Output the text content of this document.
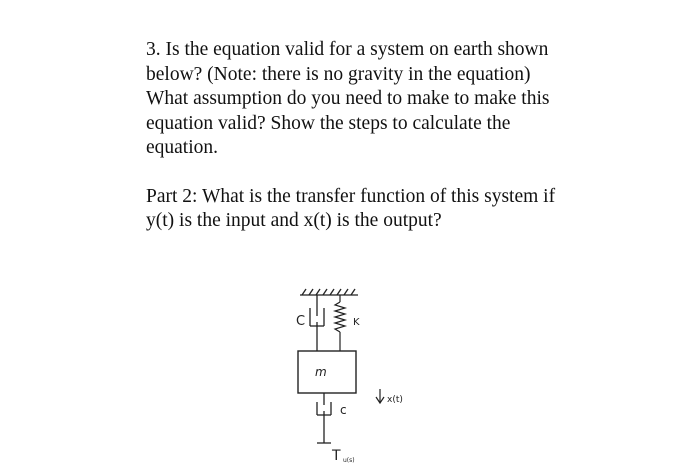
3. Is the equation valid for a system on earth shown
below? (Note: there is no gravity in the equation)
What assumption do you need to make to make this
equation valid? Show the steps to calculate the
equation.

Part 2: What is the transfer function of this system if
y(t) is the input and x(t) is the output?

C	K
m
x(t)
c
T u(s)
